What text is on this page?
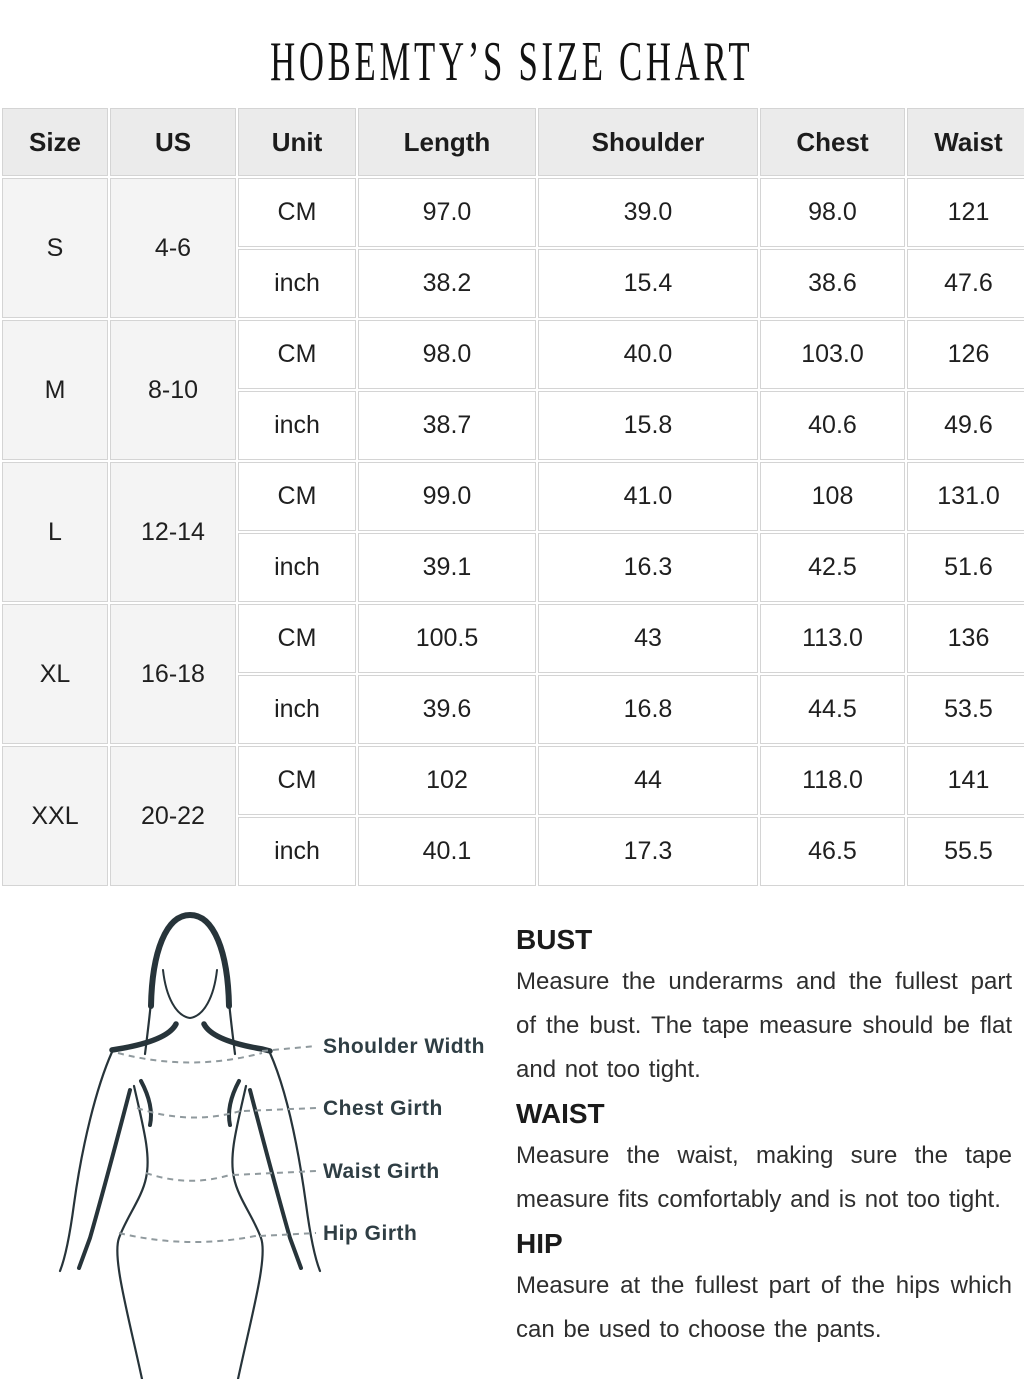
HOBEMTY’S SIZE CHART
Size	US	Unit	Length	Shoulder	Chest	Waist
S	4-6	CM	97.0	39.0	98.0	121
		inch	38.2	15.4	38.6	47.6
M	8-10	CM	98.0	40.0	103.0	126
		inch	38.7	15.8	40.6	49.6
L	12-14	CM	99.0	41.0	108	131.0
		inch	39.1	16.3	42.5	51.6
XL	16-18	CM	100.5	43	113.0	136
		inch	39.6	16.8	44.5	53.5
XXL	20-22	CM	102	44	118.0	141
		inch	40.1	17.3	46.5	55.5
Shoulder Width
Chest Girth
Waist Girth
Hip Girth
BUST

Measure the underarms and the fullest part of the bust. The tape measure should be flat and not too tight.

WAIST

Measure the waist, making sure the tape measure fits comfortably and is not too tight.

HIP

Measure at the fullest part of the hips which can be used to choose the pants.
